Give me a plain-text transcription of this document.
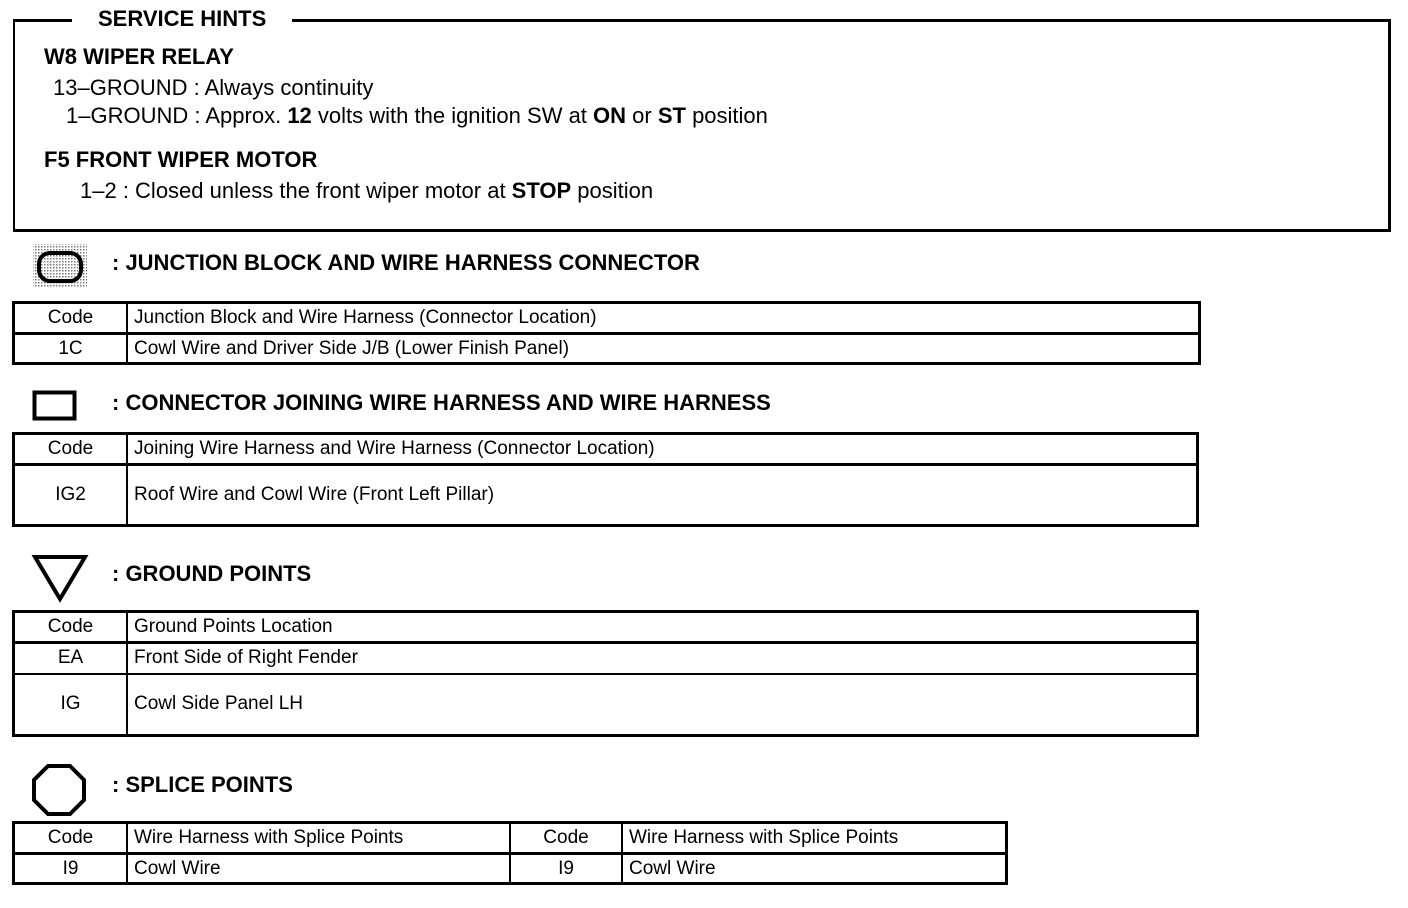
SERVICE HINTS
W8 WIPER RELAY
13–GROUND : Always continuity
1–GROUND : Approx. 12 volts with the ignition SW at ON or ST position
F5 FRONT WIPER MOTOR
1–2 : Closed unless the front wiper motor at STOP position
: JUNCTION BLOCK AND WIRE HARNESS CONNECTOR
Code	Junction Block and Wire Harness (Connector Location)
1C	Cowl Wire and Driver Side J/B (Lower Finish Panel)
: CONNECTOR JOINING WIRE HARNESS AND WIRE HARNESS
Code	Joining Wire Harness and Wire Harness (Connector Location)
IG2	Roof Wire and Cowl Wire (Front Left Pillar)
: GROUND POINTS
Code	Ground Points Location
EA	Front Side of Right Fender
IG	Cowl Side Panel LH
: SPLICE POINTS
Code	Wire Harness with Splice Points	Code	Wire Harness with Splice Points
I9	Cowl Wire	I9	Cowl Wire
